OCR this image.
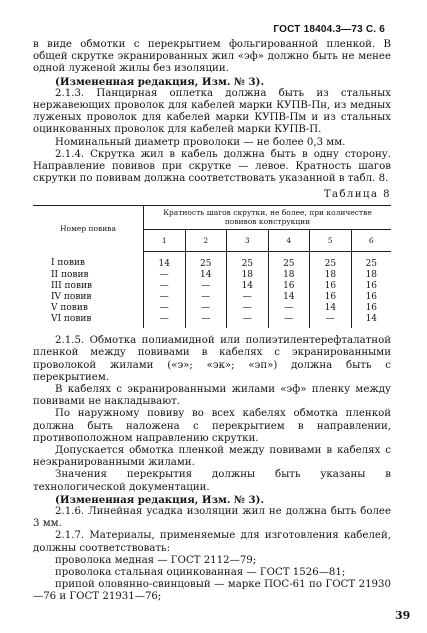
ГОСТ 18404.3—73 С. 6

в виде обмотки с перекрытием фольгированной пленкой. В общей скрутке экранированных жил «эф» должно быть не менее одной луженой жилы без изоляции.

(Измененная редакция, Изм. № 3).

2.1.3. Панцирная оплетка должна быть из стальных нержавеющих проволок для кабелей марки КУПВ-Пн, из медных луженых проволок для кабелей марки КУПВ-Пм и из стальных оцинкованных проволок для кабелей марки КУПВ-П.

Номинальный диаметр проволоки — не более 0,3 мм.

2.1.4. Скрутка жил в кабель должна быть в одну сторону. Направление повивов при скрутке — левое. Кратность шагов скрутки по повивам должна соответствовать указанной в табл. 8.

Таблица 8
Номер повива	Кратность шагов скрутки, не более, при количестве повивов конструкции					
	1	2	3	4	5	6
I повив	14	25	25	25	25	25
II повив	—	14	18	18	18	18
III повив	—	—	14	16	16	16
IV повив	—	—	—	14	16	16
V повив	—	—	—	—	14	16
VI повив	—	—	—	—	—	14

2.1.5. Обмотка полиамидной или полиэтилентерефталатной пленкой между повивами в кабелях с экранированными проволокой жилами («э»; «эк»; «эп») должна быть с перекрытием.

В кабелях с экранированными жилами «эф» пленку между повивами не накладывают.

По наружному повиву во всех кабелях обмотка пленкой должна быть наложена с перекрытием в направлении, противоположном направлению скрутки.

Допускается обмотка пленкой между повивами в кабелях с неэкранированными жилами.

Значения перекрытия должны быть указаны в технологической документации.

(Измененная редакция, Изм. № 3).

2.1.6. Линейная усадка изоляции жил не должна быть более 3 мм.

2.1.7. Материалы, применяемые для изготовления кабелей, должны соответствовать:

проволока медная — ГОСТ 2112—79;

проволока стальная оцинкованная — ГОСТ 1526—81;

припой оловянно-свинцовый — марке ПОС-61 по ГОСТ 21930—76 и ГОСТ 21931—76;

39
